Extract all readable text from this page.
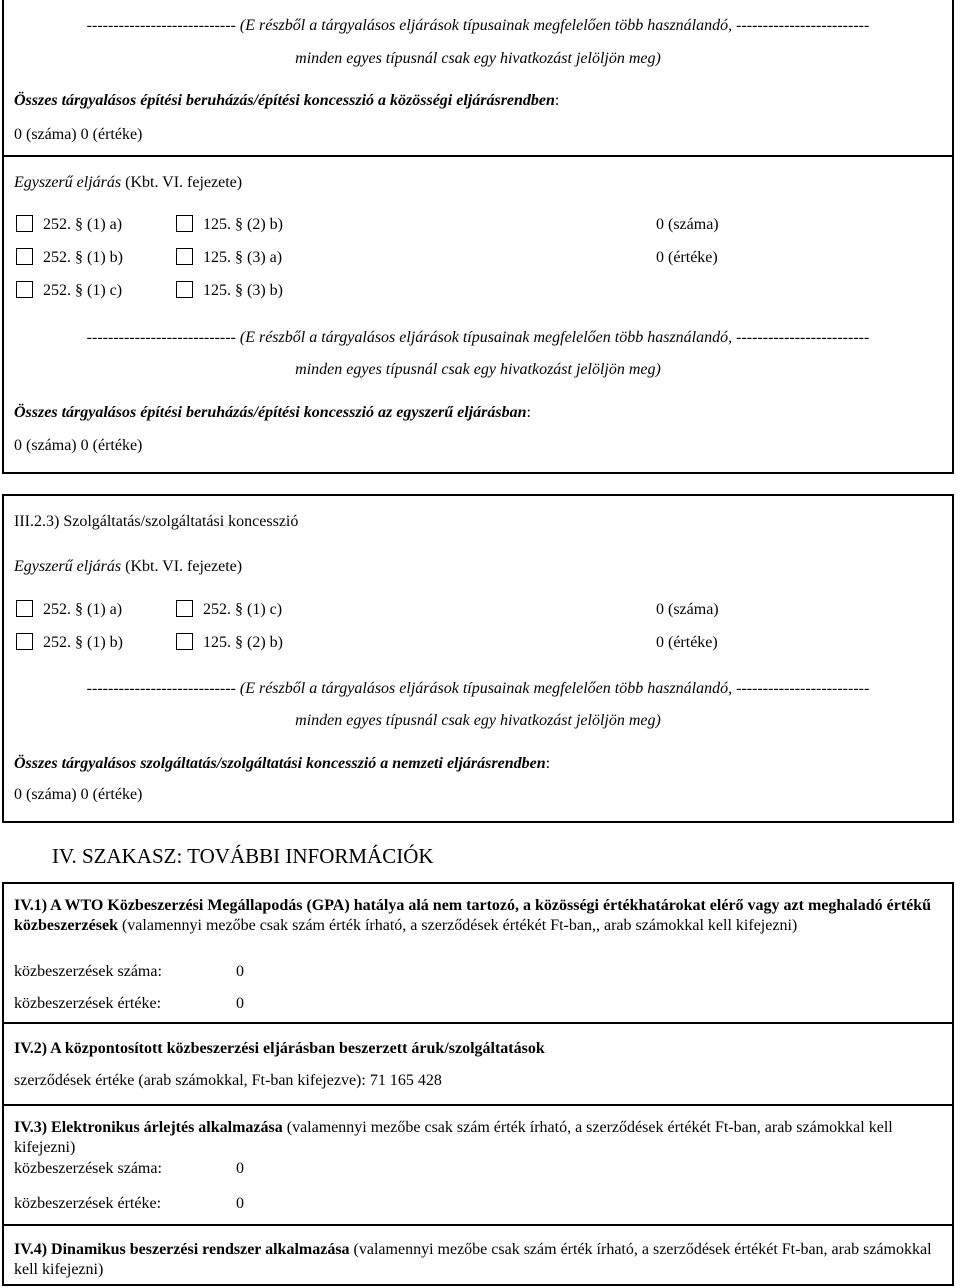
---------------------------- (E részből a tárgyalásos eljárások típusainak megfelelően több használandó, -------------------------
minden egyes típusnál csak egy hivatkozást jelöljön meg)
Összes tárgyalásos építési beruházás/építési koncesszió a közösségi eljárásrendben:
0 (száma) 0 (értéke)
Egyszerű eljárás (Kbt. VI. fejezete)
252. § (1) a)	125. § (2) b)	0 (száma)
252. § (1) b)	125. § (3) a)	0 (értéke)
252. § (1) c)	125. § (3) b)
---------------------------- (E részből a tárgyalásos eljárások típusainak megfelelően több használandó, -------------------------
minden egyes típusnál csak egy hivatkozást jelöljön meg)
Összes tárgyalásos építési beruházás/építési koncesszió az egyszerű eljárásban:
0 (száma) 0 (értéke)
III.2.3) Szolgáltatás/szolgáltatási koncesszió
Egyszerű eljárás (Kbt. VI. fejezete)
252. § (1) a)	252. § (1) c)	0 (száma)
252. § (1) b)	125. § (2) b)	0 (értéke)
---------------------------- (E részből a tárgyalásos eljárások típusainak megfelelően több használandó, -------------------------
minden egyes típusnál csak egy hivatkozást jelöljön meg)
Összes tárgyalásos szolgáltatás/szolgáltatási koncesszió a nemzeti eljárásrendben:
0 (száma) 0 (értéke)
IV. SZAKASZ: TOVÁBBI INFORMÁCIÓK
IV.1) A WTO Közbeszerzési Megállapodás (GPA) hatálya alá nem tartozó, a közösségi értékhatárokat elérő vagy azt meghaladó értékű közbeszerzések (valamennyi mezőbe csak szám érték írható, a szerződések értékét Ft-ban,, arab számokkal kell kifejezni)
közbeszerzések száma:	0
közbeszerzések értéke:	0
IV.2) A központosított közbeszerzési eljárásban beszerzett áruk/szolgáltatások
szerződések értéke (arab számokkal, Ft-ban kifejezve): 71 165 428
IV.3) Elektronikus árlejtés alkalmazása (valamennyi mezőbe csak szám érték írható, a szerződések értékét Ft-ban, arab számokkal kell kifejezni)
közbeszerzések száma:	0
közbeszerzések értéke:	0
IV.4) Dinamikus beszerzési rendszer alkalmazása (valamennyi mezőbe csak szám érték írható, a szerződések értékét Ft-ban, arab számokkal kell kifejezni)
